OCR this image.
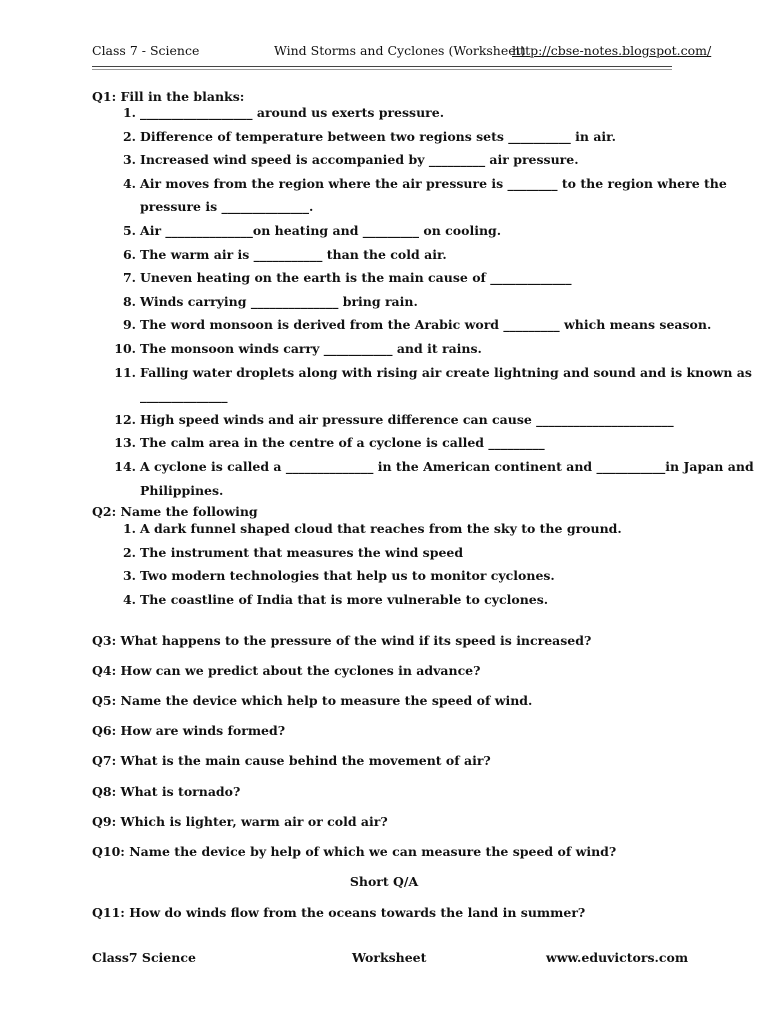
Class 7 - Science	Wind Storms and Cyclones (Worksheet)
http://cbse-notes.blogspot.com/
Q1: Fill in the blanks:
1. __________________ around us exerts pressure.
2. Difference of temperature between two regions sets __________ in air.
3. Increased wind speed is accompanied by _________ air pressure.
4. Air moves from the region where the air pressure is ________ to the region where the
pressure is ______________.
5. Air ______________on heating and _________ on cooling.
6. The warm air is ___________ than the cold air.
7. Uneven heating on the earth is the main cause of _____________
8. Winds carrying ______________ bring rain.
9. The word monsoon is derived from the Arabic word _________ which means season.
10. The monsoon winds carry ___________ and it rains.
11. Falling water droplets along with rising air create lightning and sound and is known as
______________
12. High speed winds and air pressure difference can cause ______________________
13. The calm area in the centre of a cyclone is called _________
14. A cyclone is called a ______________ in the American continent and ___________in Japan and
Philippines.
Q2: Name the following
1. A dark funnel shaped cloud that reaches from the sky to the ground.
2. The instrument that measures the wind speed
3. Two modern technologies that help us to monitor cyclones.
4. The coastline of India that is more vulnerable to cyclones.
Q3: What happens to the pressure of the wind if its speed is increased?
Q4: How can we predict about the cyclones in advance?
Q5: Name the device which help to measure the speed of wind.
Q6: How are winds formed?
Q7: What is the main cause behind the movement of air?
Q8: What is tornado?
Q9: Which is lighter, warm air or cold air?
Q10: Name the device by help of which we can measure the speed of wind?
Short Q/A
Q11: How do winds flow from the oceans towards the land in summer?
Class7 Science	Worksheet	www.eduvictors.com
